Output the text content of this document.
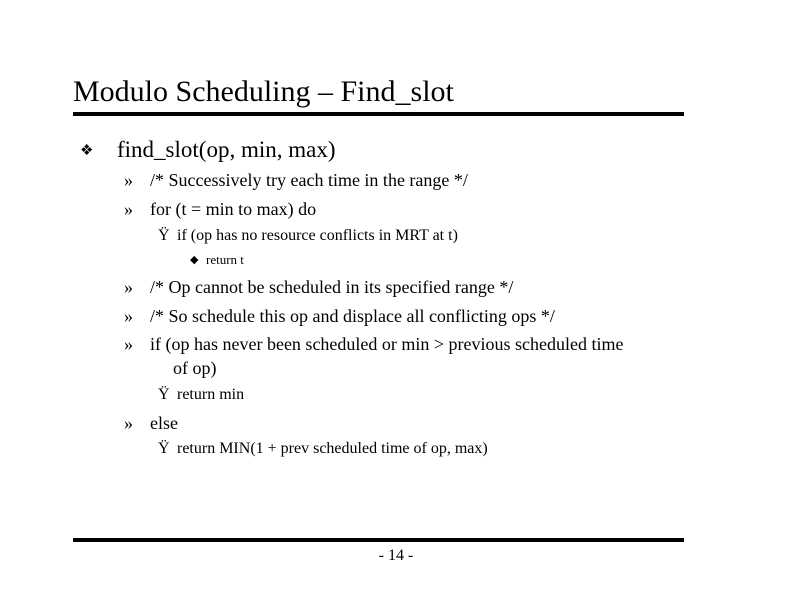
Modulo Scheduling – Find_slot
❖ find_slot(op, min, max)
» /* Successively try each time in the range */
» for (t = min to max) do
Ÿ if (op has no resource conflicts in MRT at t)
◆ return t
» /* Op cannot be scheduled in its specified range */
» /* So schedule this op and displace all conflicting ops */
» if (op has never been scheduled or min > previous scheduled time
of op)
Ÿ return min
» else
Ÿ return MIN(1 + prev scheduled time of op, max)
- 14 -
